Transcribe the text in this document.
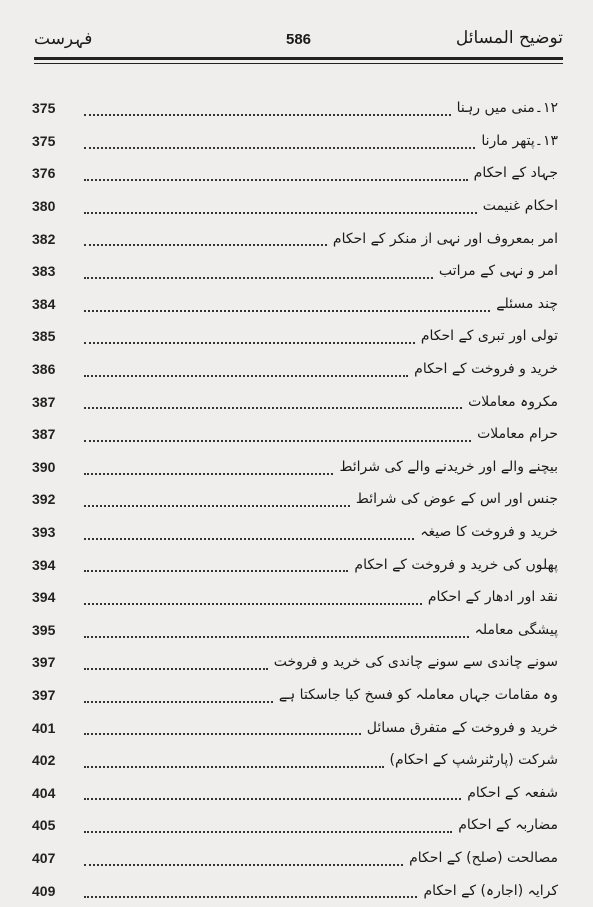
فہرست	586	توضیح المسائل
375	۱۲۔منی میں رہنا
375	۱۳۔پتھر مارنا
376	جہاد کے احکام
380	احکام غنیمت
382	امر بمعروف اور نہی از منکر کے احکام
383	امر و نہی کے مراتب
384	چند مسئلے
385	تولی اور تبری کے احکام
386	خرید و فروخت کے احکام
387	مکروہ معاملات
387	حرام معاملات
390	بیچنے والے اور خریدنے والے کی شرائط
392	جنس اور اس کے عوض کی شرائط
393	خرید و فروخت کا صیغہ
394	پھلوں کی خرید و فروخت کے احکام
394	نقد اور ادھار کے احکام
395	پیشگی معاملہ
397	سونے چاندی سے سونے چاندی کی خرید و فروخت
397	وہ مقامات جہاں معاملہ کو فسخ کیا جاسکتا ہے
401	خرید و فروخت کے متفرق مسائل
402	شرکت (پارٹنرشپ کے احکام)
404	شفعہ کے احکام
405	مضاربہ کے احکام
407	مصالحت (صلح) کے احکام
409	کرایہ (اجارہ) کے احکام
